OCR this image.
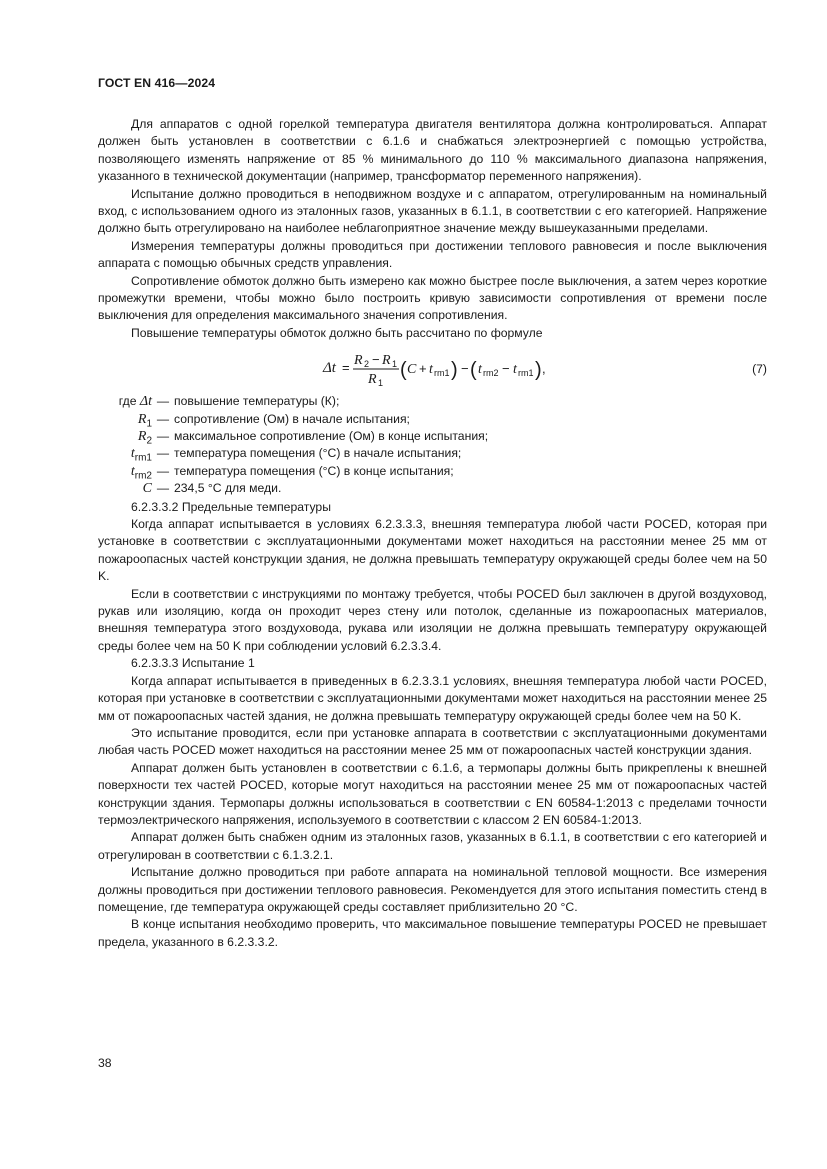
ГОСТ EN 416—2024

Для аппаратов с одной горелкой температура двигателя вентилятора должна контролироваться. Аппарат должен быть установлен в соответствии с 6.1.6 и снабжаться электроэнергией с помощью устройства, позволяющего изменять напряжение от 85 % минимального до 110 % максимального диапазона напряжения, указанного в технической документации (например, трансформатор переменного напряжения).

Испытание должно проводиться в неподвижном воздухе и с аппаратом, отрегулированным на номинальный вход, с использованием одного из эталонных газов, указанных в 6.1.1, в соответствии с его категорией. Напряжение должно быть отрегулировано на наиболее неблагоприятное значение между вышеуказанными пределами.

Измерения температуры должны проводиться при достижении теплового равновесия и после выключения аппарата с помощью обычных средств управления.

Сопротивление обмоток должно быть измерено как можно быстрее после выключения, а затем через короткие промежутки времени, чтобы можно было построить кривую зависимости сопротивления от времени после выключения для определения максимального значения сопротивления.

Повышение температуры обмоток должно быть рассчитано по формуле

Δt = R 2 − R 1
R 1
( C + t rm1 ) − ( t rm2 − t rm1 ) ,	(7)
где Δt — повышение температуры (К);
$R_1$ — сопротивление (Ом) в начале испытания;
$R_2$ — максимальное сопротивление (Ом) в конце испытания;
$t_{rm1}$ — температура помещения (°С) в начале испытания;
$t_{rm2}$ — температура помещения (°С) в конце испытания;
C — 234,5 °С для меди.

6.2.3.3.2 Предельные температуры

Когда аппарат испытывается в условиях 6.2.3.3.3, внешняя температура любой части POCED, которая при установке в соответствии с эксплуатационными документами может находиться на расстоянии менее 25 мм от пожароопасных частей конструкции здания, не должна превышать температуру окружающей среды более чем на 50 K.

Если в соответствии с инструкциями по монтажу требуется, чтобы POCED был заключен в другой воздуховод, рукав или изоляцию, когда он проходит через стену или потолок, сделанные из пожароопасных материалов, внешняя температура этого воздуховода, рукава или изоляции не должна превышать температуру окружающей среды более чем на 50 K при соблюдении условий 6.2.3.3.4.

6.2.3.3.3 Испытание 1

Когда аппарат испытывается в приведенных в 6.2.3.3.1 условиях, внешняя температура любой части POCED, которая при установке в соответствии с эксплуатационными документами может находиться на расстоянии менее 25 мм от пожароопасных частей здания, не должна превышать температуру окружающей среды более чем на 50 K.

Это испытание проводится, если при установке аппарата в соответствии с эксплуатационными документами любая часть POCED может находиться на расстоянии менее 25 мм от пожароопасных частей конструкции здания.

Аппарат должен быть установлен в соответствии с 6.1.6, а термопары должны быть прикреплены к внешней поверхности тех частей POCED, которые могут находиться на расстоянии менее 25 мм от пожароопасных частей конструкции здания. Термопары должны использоваться в соответствии с EN 60584-1:2013 с пределами точности термоэлектрического напряжения, используемого в соответствии с классом 2 EN 60584-1:2013.

Аппарат должен быть снабжен одним из эталонных газов, указанных в 6.1.1, в соответствии с его категорией и отрегулирован в соответствии с 6.1.3.2.1.

Испытание должно проводиться при работе аппарата на номинальной тепловой мощности. Все измерения должны проводиться при достижении теплового равновесия. Рекомендуется для этого испытания поместить стенд в помещение, где температура окружающей среды составляет приблизительно 20 °С.

В конце испытания необходимо проверить, что максимальное повышение температуры POCED не превышает предела, указанного в 6.2.3.3.2.

38
